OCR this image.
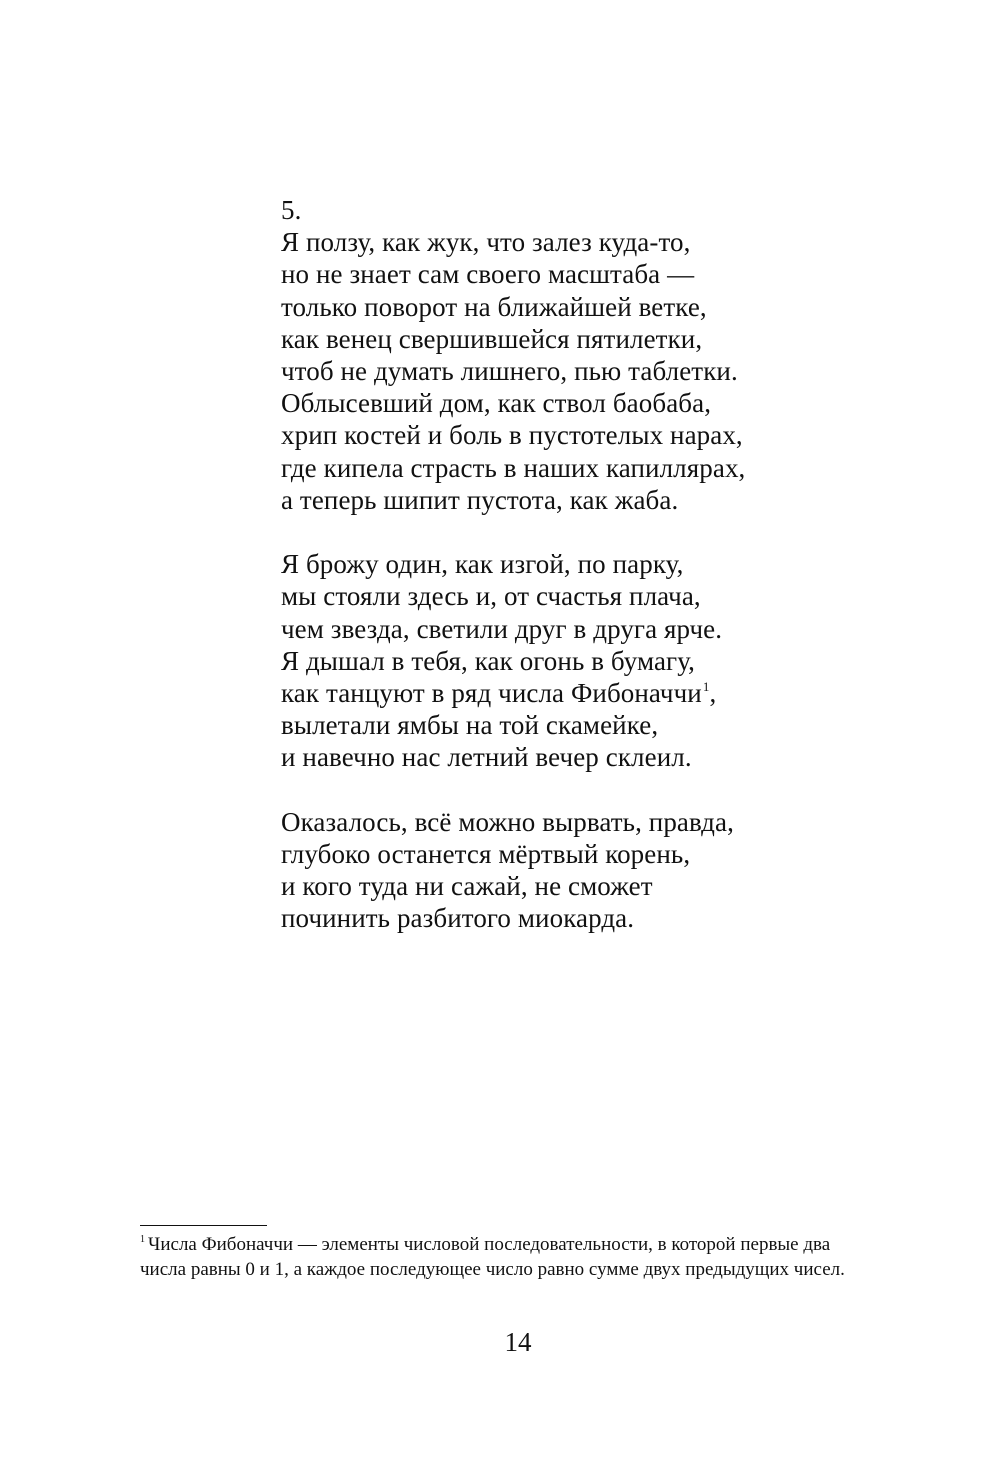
5.
Я ползу, как жук, что залез куда-то,
но не знает сам своего масштаба —
только поворот на ближайшей ветке,
как венец свершившейся пятилетки,
чтоб не думать лишнего, пью таблетки.
Облысевший дом, как ствол баобаба,
хрип костей и боль в пустотелых нарах,
где кипела страсть в наших капиллярах,
а теперь шипит пустота, как жаба.
Я брожу один, как изгой, по парку,
мы стояли здесь и, от счастья плача,
чем звезда, светили друг в друга ярче.
Я дышал в тебя, как огонь в бумагу,
как танцуют в ряд числа Фибоначчи$^1$,
вылетали ямбы на той скамейке,
и навечно нас летний вечер склеил.
Оказалось, всё можно вырвать, правда,
глубоко останется мёртвый корень,
и кого туда ни сажай, не сможет
починить разбитого миокарда.
$^1$ Числа Фибоначчи — элементы числовой последовательности, в которой первые два
числа равны 0 и 1, а каждое последующее число равно сумме двух предыдущих чисел.
14
